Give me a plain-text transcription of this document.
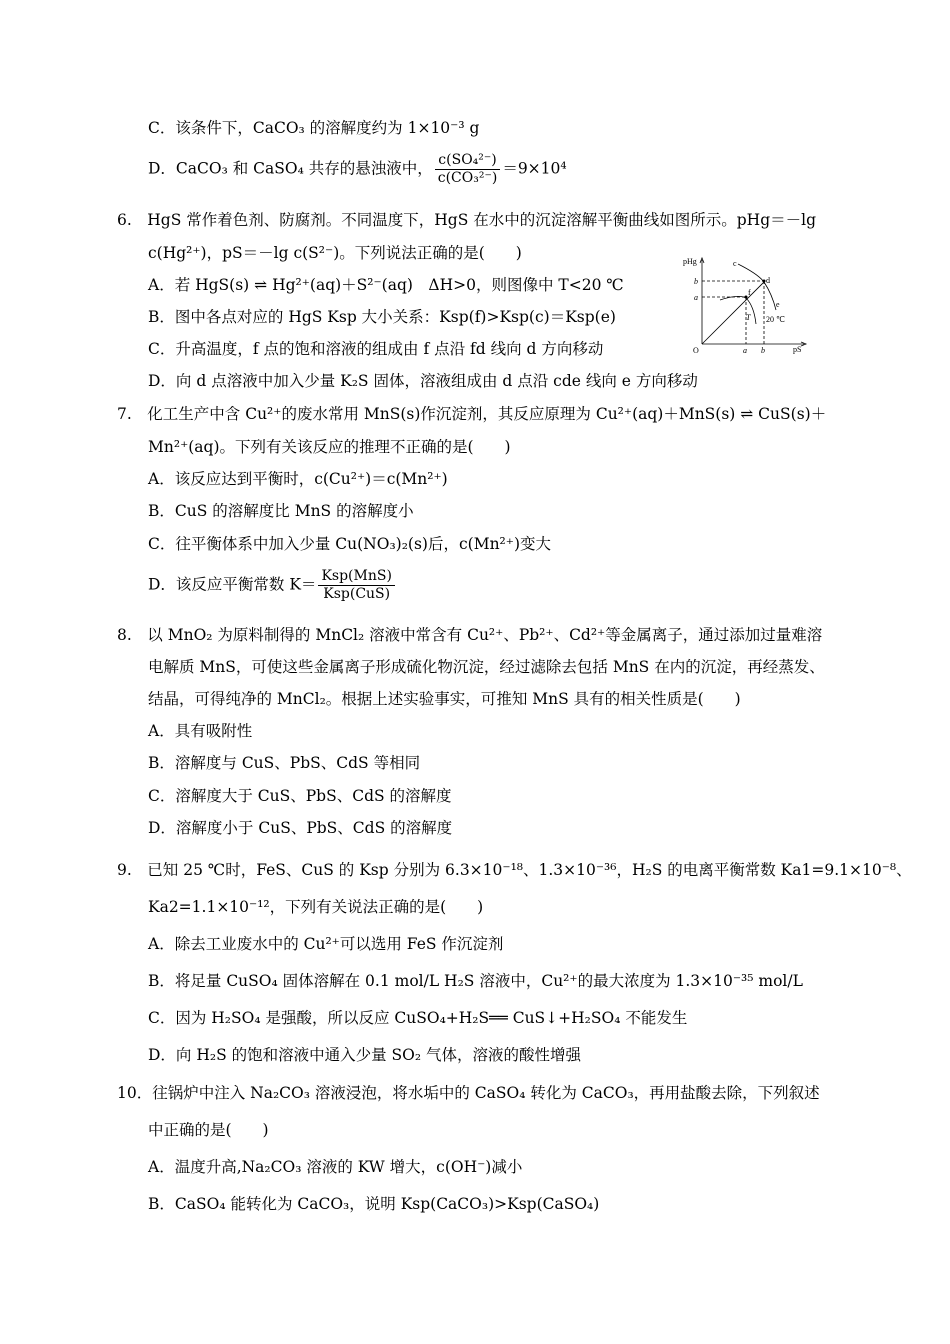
C．该条件下，CaCO₃ 的溶解度约为 1×10⁻³ g
D．CaCO₃ 和 CaSO₄ 共存的悬浊液中， $\frac{\text{c(SO₄²⁻)}}{\text{c(CO₃²⁻)}} =9\times 10^4$
6.　HgS 常作着色剂、防腐剂。不同温度下，HgS 在水中的沉淀溶解平衡曲线如图所示。pHg＝－lg
c(Hg²⁺)，pS＝－lg c(S²⁻)。下列说法正确的是(　　)
A．若 HgS(s) ⇌ Hg²⁺(aq)＋S²⁻(aq)　ΔH>0，则图像中 T<20 ℃
B．图中各点对应的 HgS Ksp 大小关系：Ksp(f)>Ksp(c)＝Ksp(e)
C．升高温度，f 点的饱和溶液的组成由 f 点沿 fd 线向 d 方向移动
D．向 d 点溶液中加入少量 K₂S 固体，溶液组成由 d 点沿 cde 线向 e 方向移动
pHg
pS
O
b
a
a b
c
d
e
f
T 20 ℃
7.　化工生产中含 Cu²⁺的废水常用 MnS(s)作沉淀剂，其反应原理为 Cu²⁺(aq)＋MnS(s) ⇌ CuS(s)＋
Mn²⁺(aq)。下列有关该反应的推理不正确的是(　　)
A．该反应达到平衡时，c(Cu²⁺)＝c(Mn²⁺)
B．CuS 的溶解度比 MnS 的溶解度小
C．往平衡体系中加入少量 Cu(NO₃)₂(s)后，c(Mn²⁺)变大
D．该反应平衡常数 $K= \frac{\text{Ksp(MnS)}}{\text{Ksp(CuS)}}$
8.　以 MnO₂ 为原料制得的 MnCl₂ 溶液中常含有 Cu²⁺、Pb²⁺、Cd²⁺等金属离子，通过添加过量难溶
电解质 MnS，可使这些金属离子形成硫化物沉淀，经过滤除去包括 MnS 在内的沉淀，再经蒸发、
结晶，可得纯净的 MnCl₂。根据上述实验事实，可推知 MnS 具有的相关性质是(　　)
A．具有吸附性
B．溶解度与 CuS、PbS、CdS 等相同
C．溶解度大于 CuS、PbS、CdS 的溶解度
D．溶解度小于 CuS、PbS、CdS 的溶解度
9.　已知 25 ℃时，FeS、CuS 的 Ksp 分别为 6.3×10⁻¹⁸、1.3×10⁻³⁶，H₂S 的电离平衡常数 Ka1=9.1×10⁻⁸、
Ka2=1.1×10⁻¹²，下列有关说法正确的是(　　)
A．除去工业废水中的 Cu²⁺可以选用 FeS 作沉淀剂
B．将足量 CuSO₄ 固体溶解在 0.1 mol/L H₂S 溶液中，Cu²⁺的最大浓度为 1.3×10⁻³⁵ mol/L
C．因为 H₂SO₄ 是强酸，所以反应 CuSO₄+H₂S══ CuS↓+H₂SO₄ 不能发生
D．向 H₂S 的饱和溶液中通入少量 SO₂ 气体，溶液的酸性增强
10．往锅炉中注入 Na₂CO₃ 溶液浸泡，将水垢中的 CaSO₄ 转化为 CaCO₃，再用盐酸去除，下列叙述
中正确的是(　　)
A．温度升高,Na₂CO₃ 溶液的 KW 增大，c(OH⁻)减小
B．CaSO₄ 能转化为 CaCO₃，说明 Ksp(CaCO₃)>Ksp(CaSO₄)
